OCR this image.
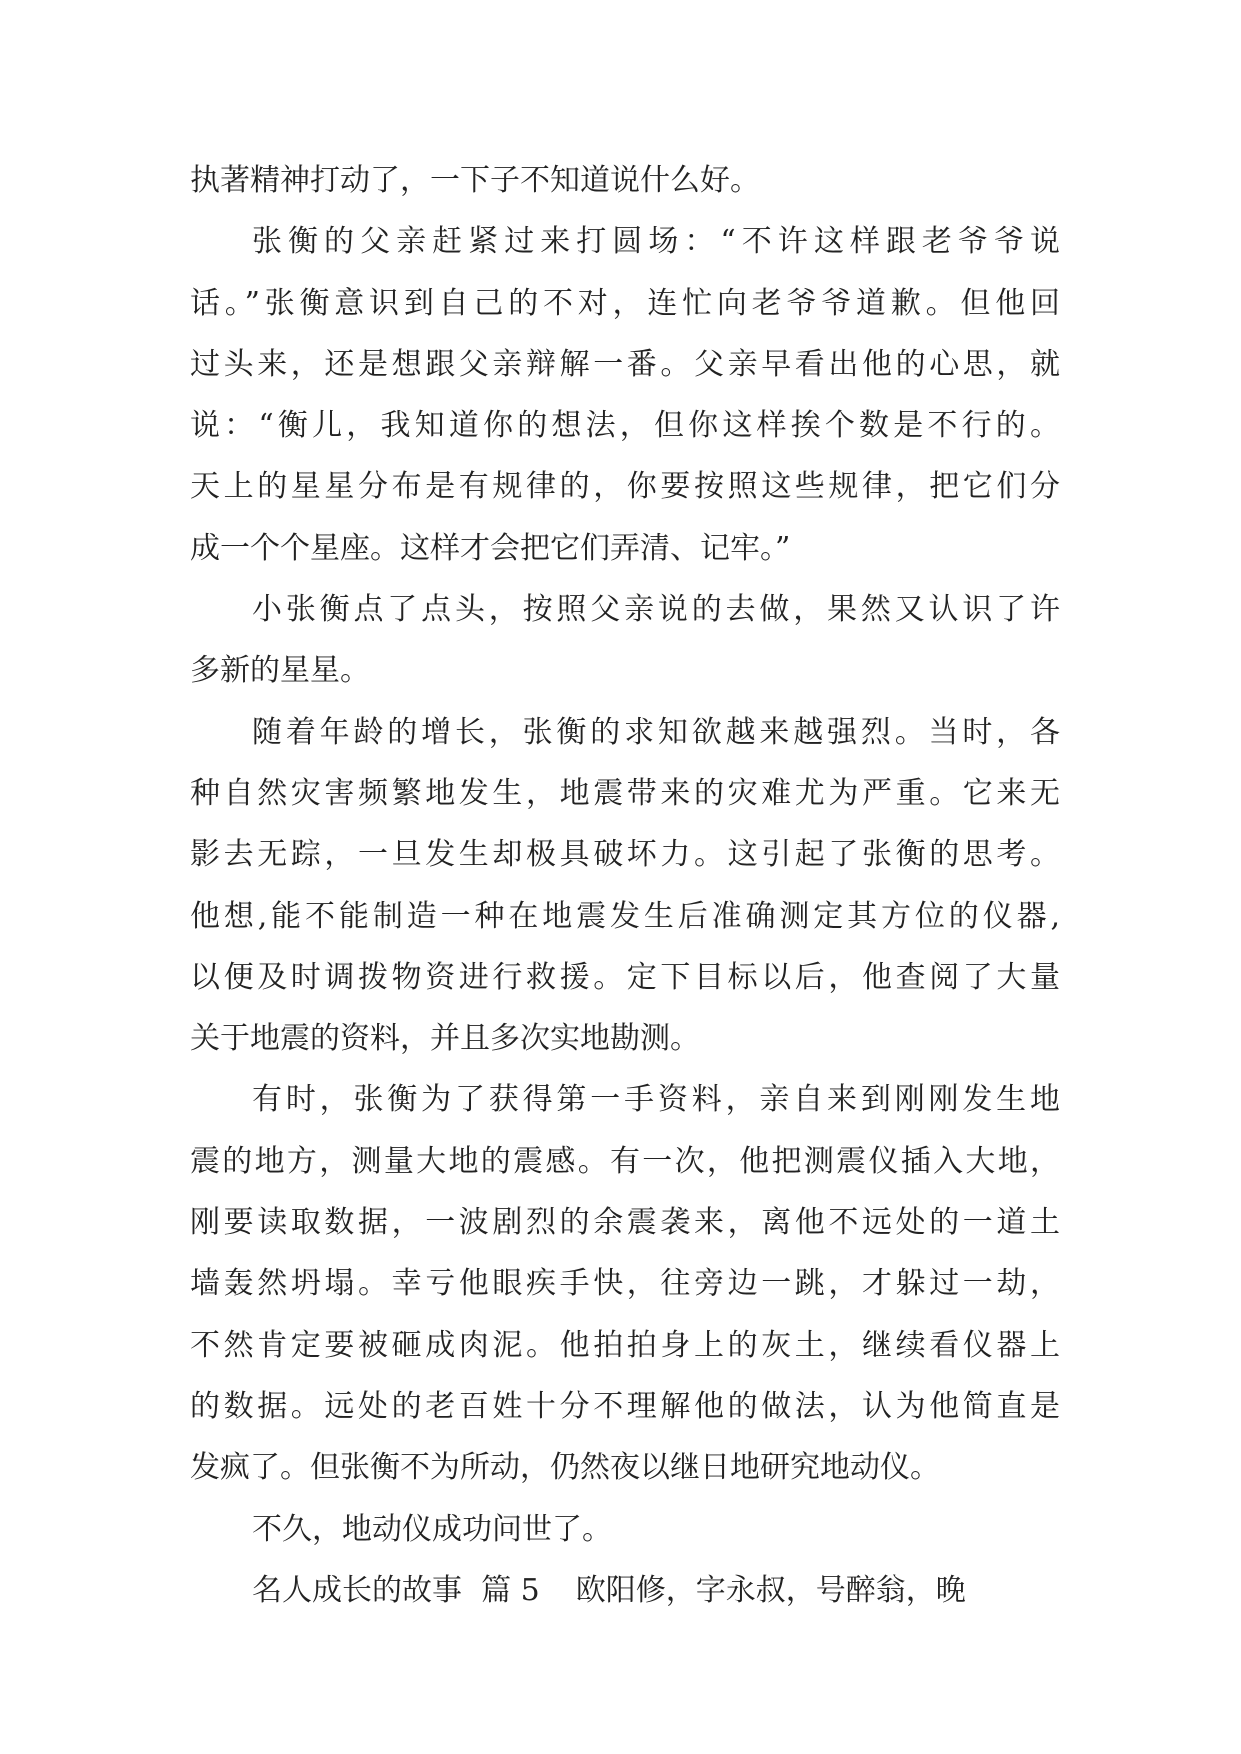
执著精神打动了，一下子不知道说什么好。
张衡的父亲赶紧过来打圆场：“不许这样跟老爷爷说
话。”张衡意识到自己的不对，连忙向老爷爷道歉。但他回
过头来，还是想跟父亲辩解一番。父亲早看出他的心思，就
说：“衡儿，我知道你的想法，但你这样挨个数是不行的。
天上的星星分布是有规律的，你要按照这些规律，把它们分
成一个个星座。这样才会把它们弄清、记牢。”
小张衡点了点头，按照父亲说的去做，果然又认识了许
多新的星星。
随着年龄的增长，张衡的求知欲越来越强烈。当时，各
种自然灾害频繁地发生，地震带来的灾难尤为严重。它来无
影去无踪，一旦发生却极具破坏力。这引起了张衡的思考。
他想,能不能制造一种在地震发生后准确测定其方位的仪器,
以便及时调拨物资进行救援。定下目标以后，他查阅了大量
关于地震的资料，并且多次实地勘测。
有时，张衡为了获得第一手资料，亲自来到刚刚发生地
震的地方，测量大地的震感。有一次，他把测震仪插入大地，
刚要读取数据，一波剧烈的余震袭来，离他不远处的一道土
墙轰然坍塌。幸亏他眼疾手快，往旁边一跳，才躲过一劫，
不然肯定要被砸成肉泥。他拍拍身上的灰土，继续看仪器上
的数据。远处的老百姓十分不理解他的做法，认为他简直是
发疯了。但张衡不为所动，仍然夜以继日地研究地动仪。
不久，地动仪成功问世了。
名人成长的故事  篇 5 欧阳修，字永叔，号醉翁，晚
